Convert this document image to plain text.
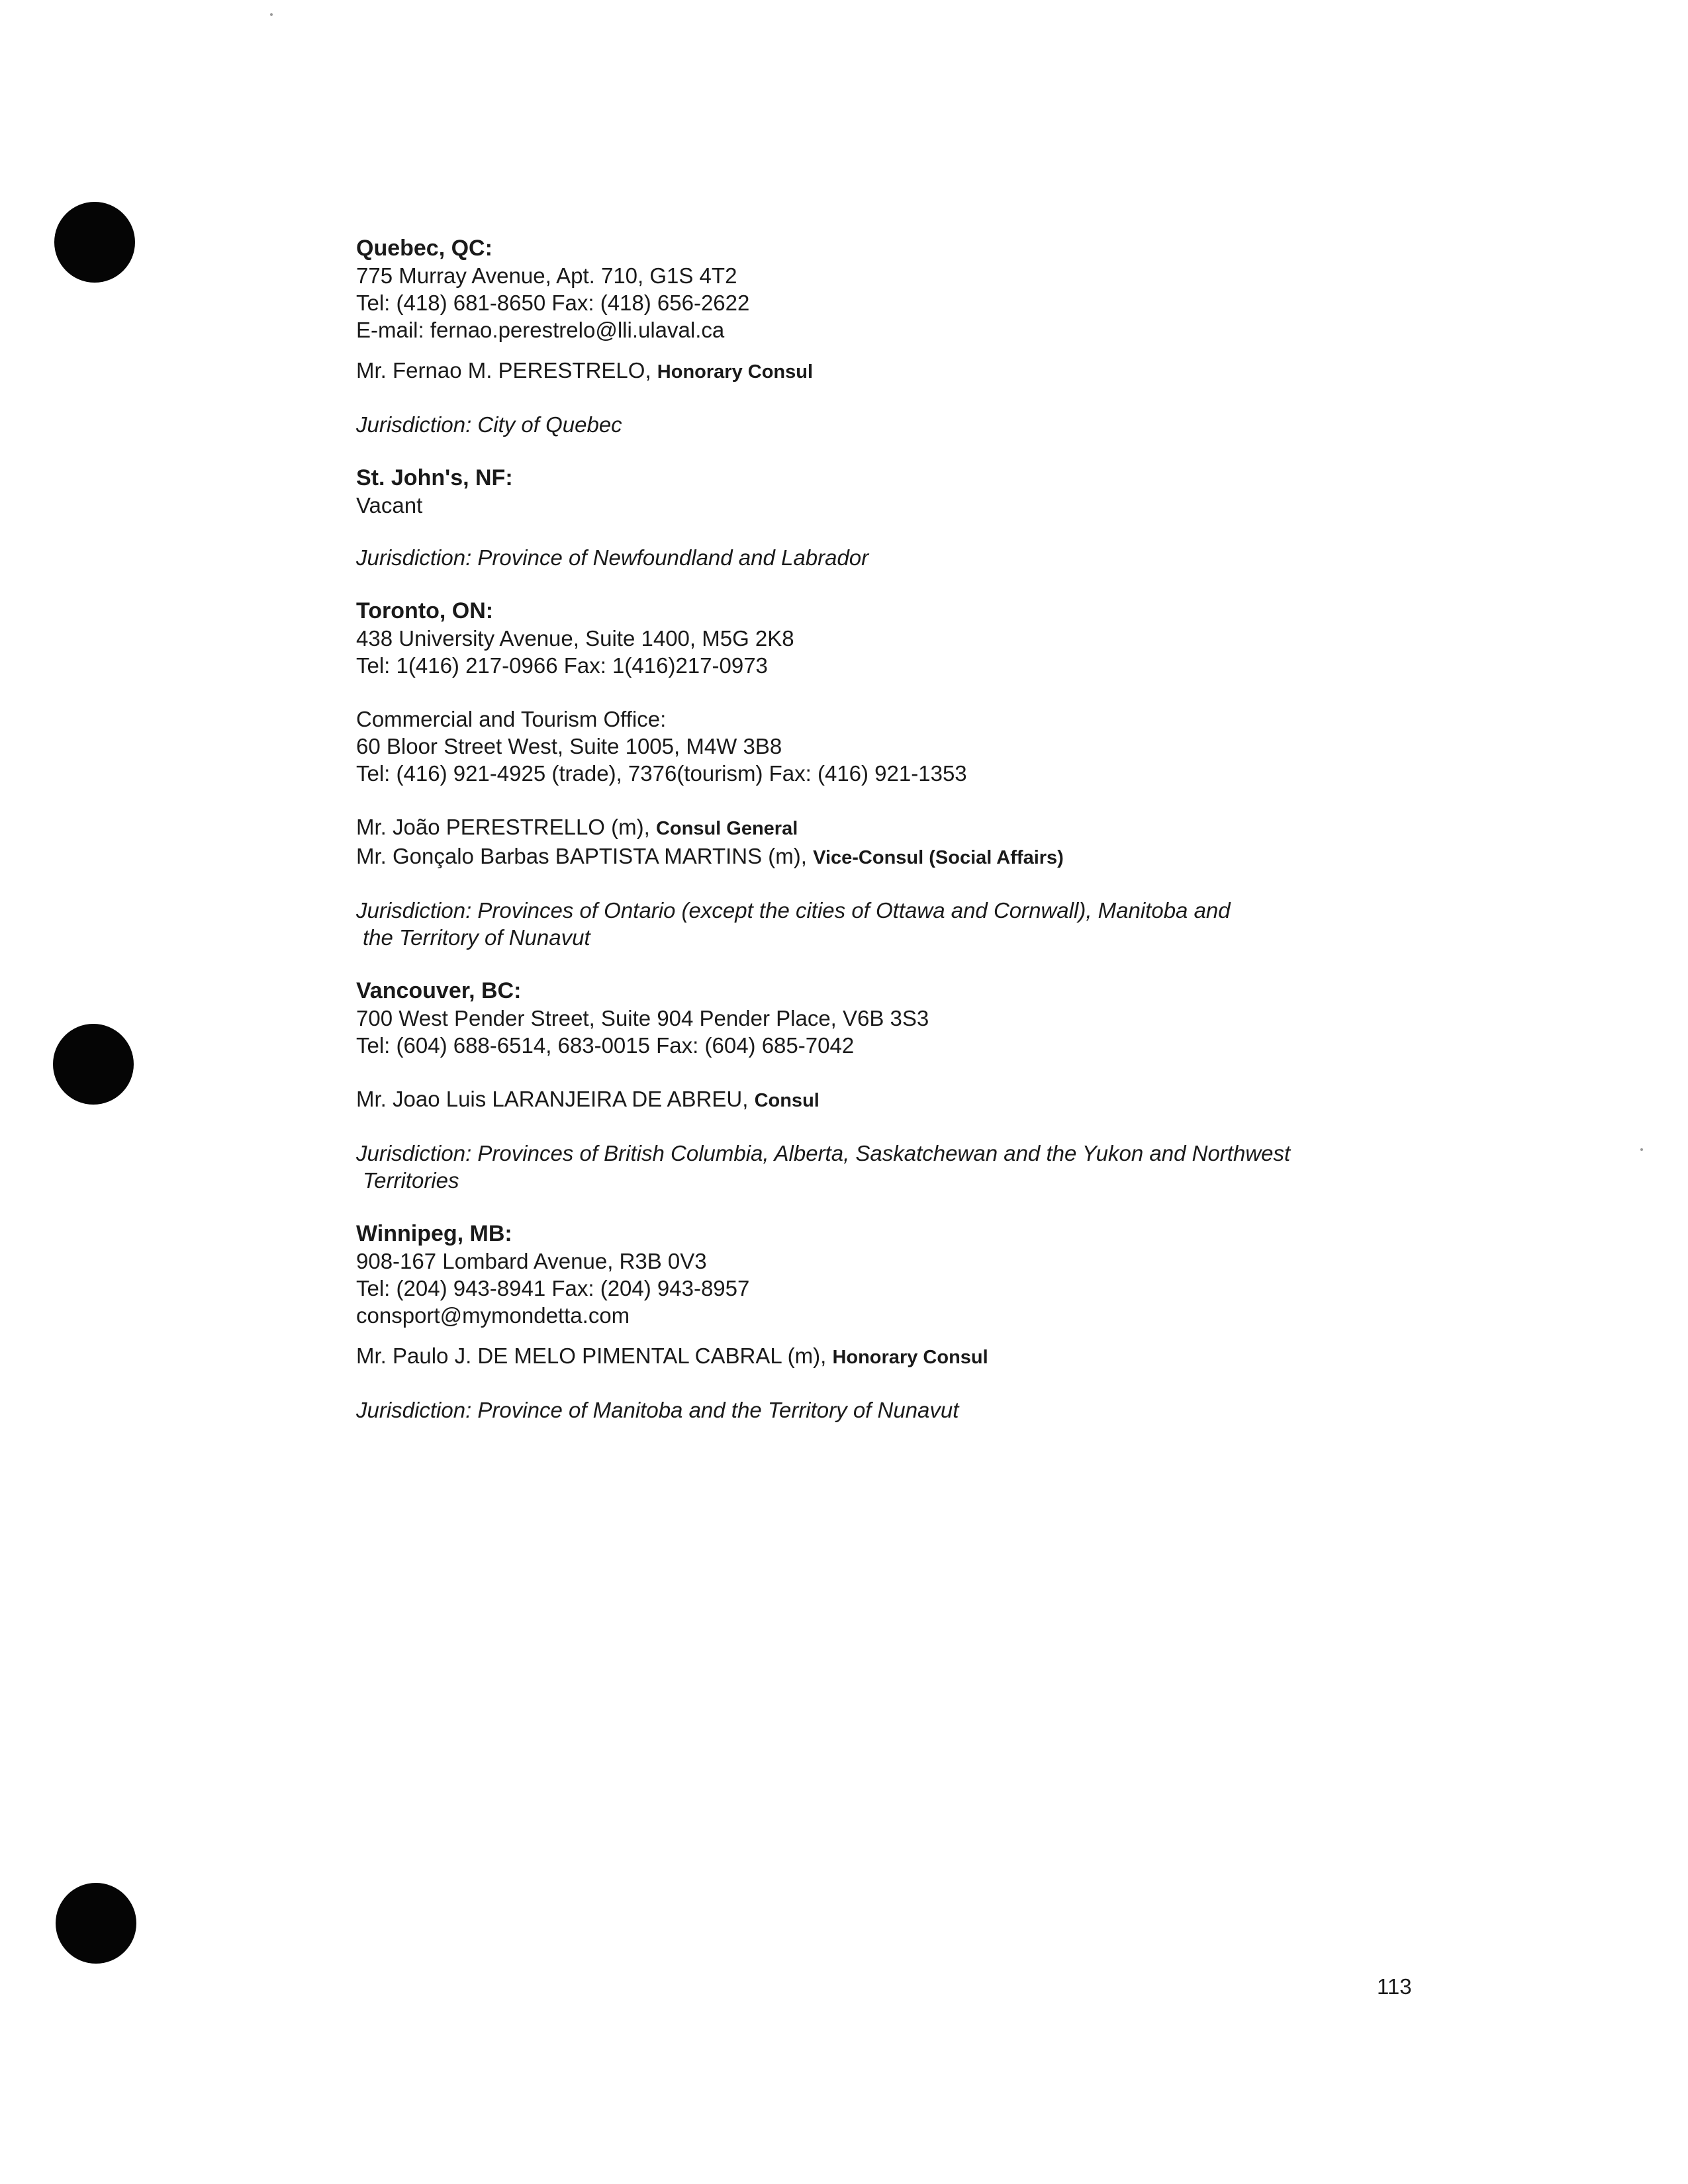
Quebec, QC:
775 Murray Avenue, Apt. 710, G1S 4T2
Tel: (418) 681-8650 Fax: (418) 656-2622
E-mail: fernao.perestrelo@lli.ulaval.ca
Mr. Fernao M. PERESTRELO, Honorary Consul
Jurisdiction: City of Quebec
St. John's, NF:
Vacant
Jurisdiction: Province of Newfoundland and Labrador
Toronto, ON:
438 University Avenue, Suite 1400, M5G 2K8
Tel: 1(416) 217-0966 Fax: 1(416)217-0973
Commercial and Tourism Office:
60 Bloor Street West, Suite 1005, M4W 3B8
Tel: (416) 921-4925 (trade), 7376(tourism) Fax: (416) 921-1353
Mr. João PERESTRELLO (m), Consul General
Mr. Gonçalo Barbas BAPTISTA MARTINS (m), Vice-Consul (Social Affairs)
Jurisdiction: Provinces of Ontario (except the cities of Ottawa and Cornwall), Manitoba and
the Territory of Nunavut
Vancouver, BC:
700 West Pender Street, Suite 904 Pender Place, V6B 3S3
Tel: (604) 688-6514, 683-0015 Fax: (604) 685-7042
Mr. Joao Luis LARANJEIRA DE ABREU, Consul
Jurisdiction: Provinces of British Columbia, Alberta, Saskatchewan and the Yukon and Northwest
Territories
Winnipeg, MB:
908-167 Lombard Avenue, R3B 0V3
Tel: (204) 943-8941 Fax: (204) 943-8957
consport@mymondetta.com
Mr. Paulo J. DE MELO PIMENTAL CABRAL (m), Honorary Consul
Jurisdiction: Province of Manitoba and the Territory of Nunavut
113
